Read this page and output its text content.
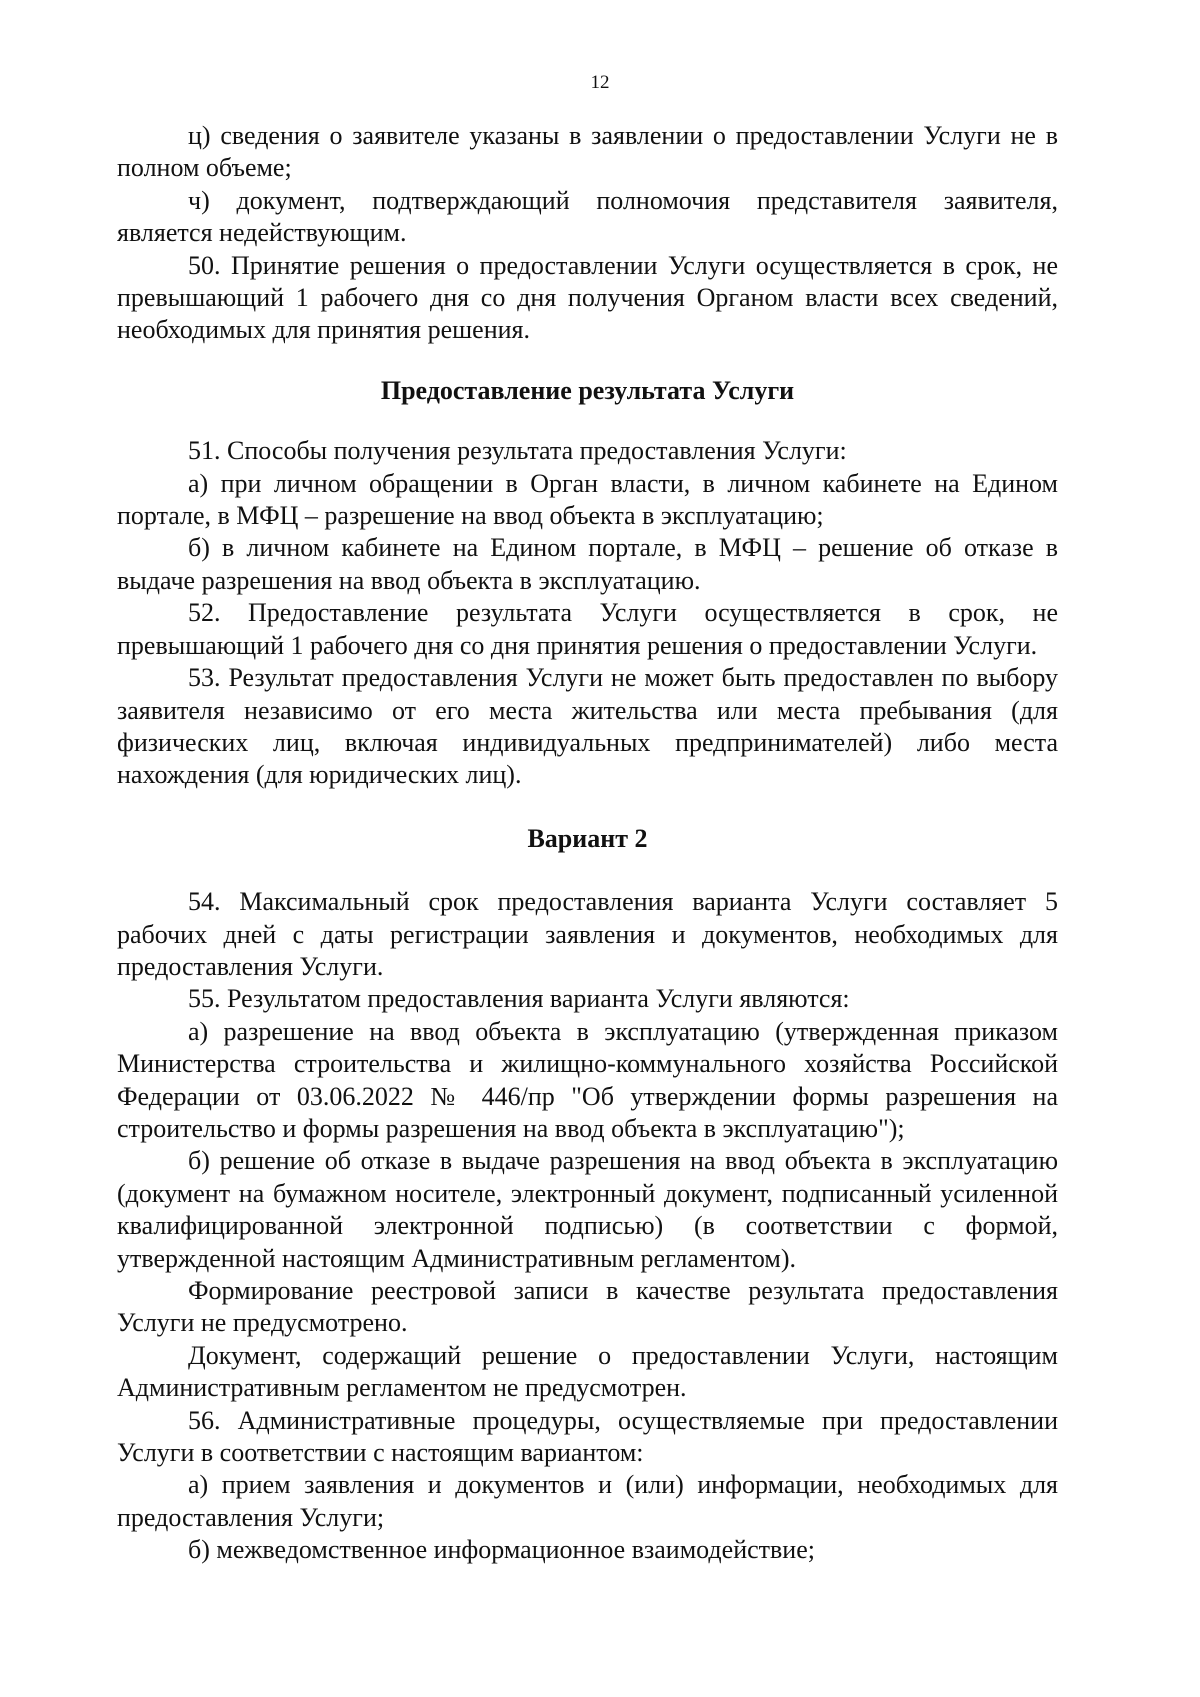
12

ц) сведения о заявителе указаны в заявлении о предоставлении Услуги не в полном объеме;

ч) документ, подтверждающий полномочия представителя заявителя, является недействующим.

50. Принятие решения о предоставлении Услуги осуществляется в срок, не превышающий 1 рабочего дня со дня получения Органом власти всех сведений, необходимых для принятия решения.

Предоставление результата Услуги

51. Способы получения результата предоставления Услуги:

а) при личном обращении в Орган власти, в личном кабинете на Едином портале, в МФЦ – разрешение на ввод объекта в эксплуатацию;

б) в личном кабинете на Едином портале, в МФЦ – решение об отказе в выдаче разрешения на ввод объекта в эксплуатацию.

52. Предоставление результата Услуги осуществляется в срок, не превышающий 1 рабочего дня со дня принятия решения о предоставлении Услуги.

53. Результат предоставления Услуги не может быть предоставлен по выбору заявителя независимо от его места жительства или места пребывания (для физических лиц, включая индивидуальных предпринимателей) либо места нахождения (для юридических лиц).

Вариант 2

54. Максимальный срок предоставления варианта Услуги составляет 5 рабочих дней с даты регистрации заявления и документов, необходимых для предоставления Услуги.

55. Результатом предоставления варианта Услуги являются:

а) разрешение на ввод объекта в эксплуатацию (утвержденная приказом Министерства строительства и жилищно-коммунального хозяйства Российской Федерации от 03.06.2022 № 446/пр "Об утверждении формы разрешения на строительство и формы разрешения на ввод объекта в эксплуатацию");

б) решение об отказе в выдаче разрешения на ввод объекта в эксплуатацию (документ на бумажном носителе, электронный документ, подписанный усиленной квалифицированной электронной подписью) (в соответствии с формой, утвержденной настоящим Административным регламентом).

Формирование реестровой записи в качестве результата предоставления Услуги не предусмотрено.

Документ, содержащий решение о предоставлении Услуги, настоящим Административным регламентом не предусмотрен.

56. Административные процедуры, осуществляемые при предоставлении Услуги в соответствии с настоящим вариантом:

а) прием заявления и документов и (или) информации, необходимых для предоставления Услуги;

б) межведомственное информационное взаимодействие;
